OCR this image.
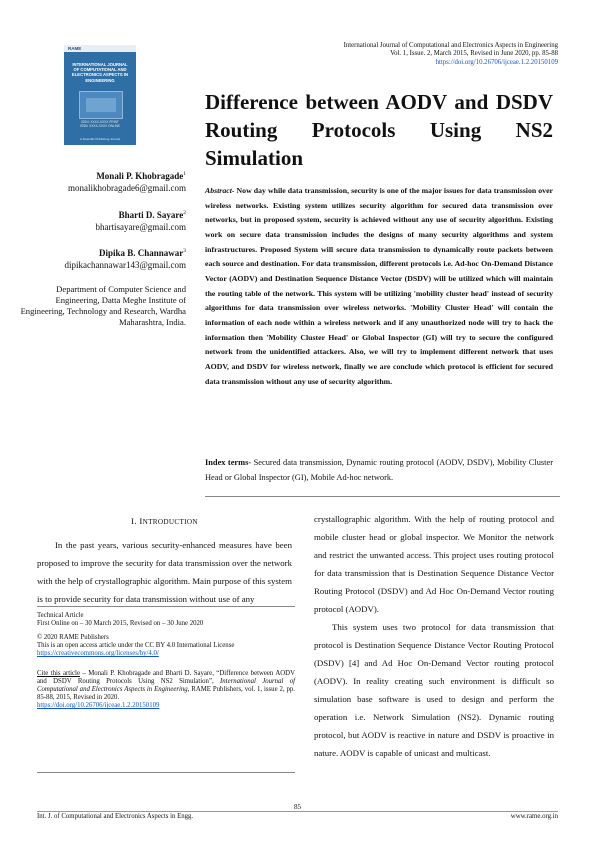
RAME
INTERNATIONAL JOURNAL OF COMPUTATIONAL AND ELECTRONICS ASPECTS IN ENGINEERING
ISSN: XXXX-XXXX PRINT
ISSN: XXXX-XXXX ONLINE
A Scientific Publishing Journal
International Journal of Computational and Electronics Aspects in Engineering
Vol. 1, Issue. 2, March 2015, Revised in June 2020, pp. 85-88
https://doi.org/10.26706/ijceae.1.2.20150109
Difference between AODV and DSDV Routing Protocols Using NS2 Simulation
Monali P. Khobragade$^1$
monalikhobragade6@gmail.com
Bharti D. Sayare$^2$
bhartisayare@gmail.com
Dipika B. Channawar$^3$
dipikachannawar143@gmail.com
Department of Computer Science and Engineering, Datta Meghe Institute of Engineering, Technology and Research, Wardha Maharashtra, India.
Abstract- Now day while data transmission, security is one of the major issues for data transmission over wireless networks. Existing system utilizes security algorithm for secured data transmission over networks, but in proposed system, security is achieved without any use of security algorithm. Existing work on secure data transmission includes the designs of many security algorithms and system infrastructures. Proposed System will secure data transmission to dynamically route packets between each source and destination. For data transmission, different protocols i.e. Ad-hoc On-Demand Distance Vector (AODV) and Destination Sequence Distance Vector (DSDV) will be utilized which will maintain the routing table of the network. This system will be utilizing 'mobility cluster head' instead of security algorithms for data transmission over wireless networks. 'Mobility Cluster Head' will contain the information of each node within a wireless network and if any unauthorized node will try to hack the information then 'Mobility Cluster Head' or Global Inspector (GI) will try to secure the configured network from the unidentified attackers. Also, we will try to implement different network that uses AODV, and DSDV for wireless network, finally we are conclude which protocol is efficient for secured data transmission without any use of security algorithm.
Index terms- Secured data transmission, Dynamic routing protocol (AODV, DSDV), Mobility Cluster Head or Global Inspector (GI), Mobile Ad-hoc network.
I. INTRODUCTION

In the past years, various security-enhanced measures have been proposed to improve the security for data transmission over the network with the help of crystallographic algorithm. Main purpose of this system is to provide security for data transmission without use of any

Technical Article
First Online on – 30 March 2015, Revised on – 30 June 2020
© 2020 RAME Publishers
This is an open access article under the CC BY 4.0 International License
https://creativecommons.org/licenses/by/4.0/
Cite this article – Monali P. Khobragade and Bharti D. Sayare, “Difference between AODV and DSDV Routing Protocols Using NS2 Simulation”, International Journal of Computational and Electronics Aspects in Engineering, RAME Publishers, vol. 1, issue 2, pp. 85-88, 2015, Revised in 2020.
https://doi.org/10.26706/ijceae.1.2.20150109

crystallographic algorithm. With the help of routing protocol and mobile cluster head or global inspector. We Monitor the network and restrict the unwanted access. This project uses routing protocol for data transmission that is Destination Sequence Distance Vector Routing Protocol (DSDV) and Ad Hoc On-Demand Vector routing protocol (AODV).

This system uses two protocol for data transmission that protocol is Destination Sequence Distance Vector Routing Protocol (DSDV) [4] and Ad Hoc On-Demand Vector routing protocol (AODV). In reality creating such environment is difficult so simulation base software is used to design and perform the operation i.e. Network Simulation (NS2). Dynamic routing protocol, but AODV is reactive in nature and DSDV is proactive in nature. AODV is capable of unicast and multicast.

85
Int. J. of Computational and Electronics Aspects in Engg.	www.rame.org.in
